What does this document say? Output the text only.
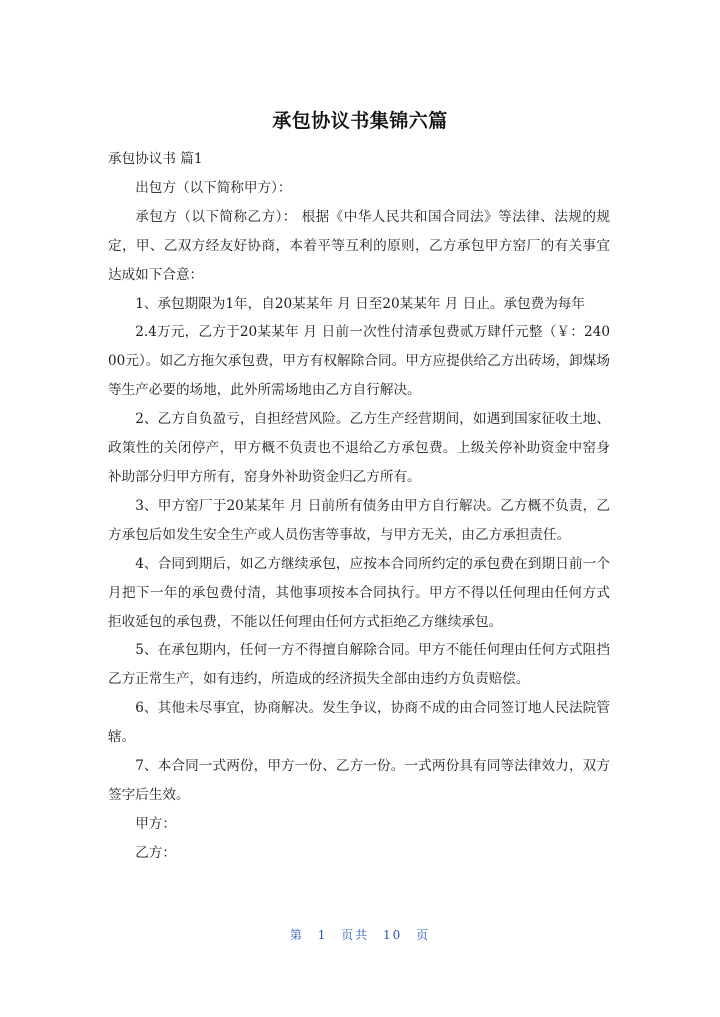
承包协议书集锦六篇

承包协议书 篇1

出包方（以下简称甲方）：

承包方（以下简称乙方）： 根据《中华人民共和国合同法》等法律、法规的规定，甲、乙双方经友好协商，本着平等互利的原则，乙方承包甲方窑厂的有关事宜达成如下合意：

1、承包期限为1年，自20某某年 月 日至20某某年 月 日止。承包费为每年

2.4万元，乙方于20某某年 月 日前一次性付清承包费贰万肆仟元整（￥：24000元）。如乙方拖欠承包费，甲方有权解除合同。甲方应提供给乙方出砖场，卸煤场等生产必要的场地，此外所需场地由乙方自行解决。

2、乙方自负盈亏，自担经营风险。乙方生产经营期间，如遇到国家征收土地、政策性的关闭停产，甲方概不负责也不退给乙方承包费。上级关停补助资金中窑身补助部分归甲方所有，窑身外补助资金归乙方所有。

3、甲方窑厂于20某某年 月 日前所有债务由甲方自行解决。乙方概不负责，乙方承包后如发生安全生产或人员伤害等事故，与甲方无关，由乙方承担责任。

4、合同到期后，如乙方继续承包，应按本合同所约定的承包费在到期日前一个月把下一年的承包费付清，其他事项按本合同执行。甲方不得以任何理由任何方式拒收延包的承包费，不能以任何理由任何方式拒绝乙方继续承包。

5、在承包期内，任何一方不得擅自解除合同。甲方不能任何理由任何方式阻挡乙方正常生产，如有违约，所造成的经济损失全部由违约方负责赔偿。

6、其他未尽事宜，协商解决。发生争议，协商不成的由合同签订地人民法院管辖。

7、本合同一式两份，甲方一份、乙方一份。一式两份具有同等法律效力，双方签字后生效。

甲方：

乙方：

第 1 页共 10 页
